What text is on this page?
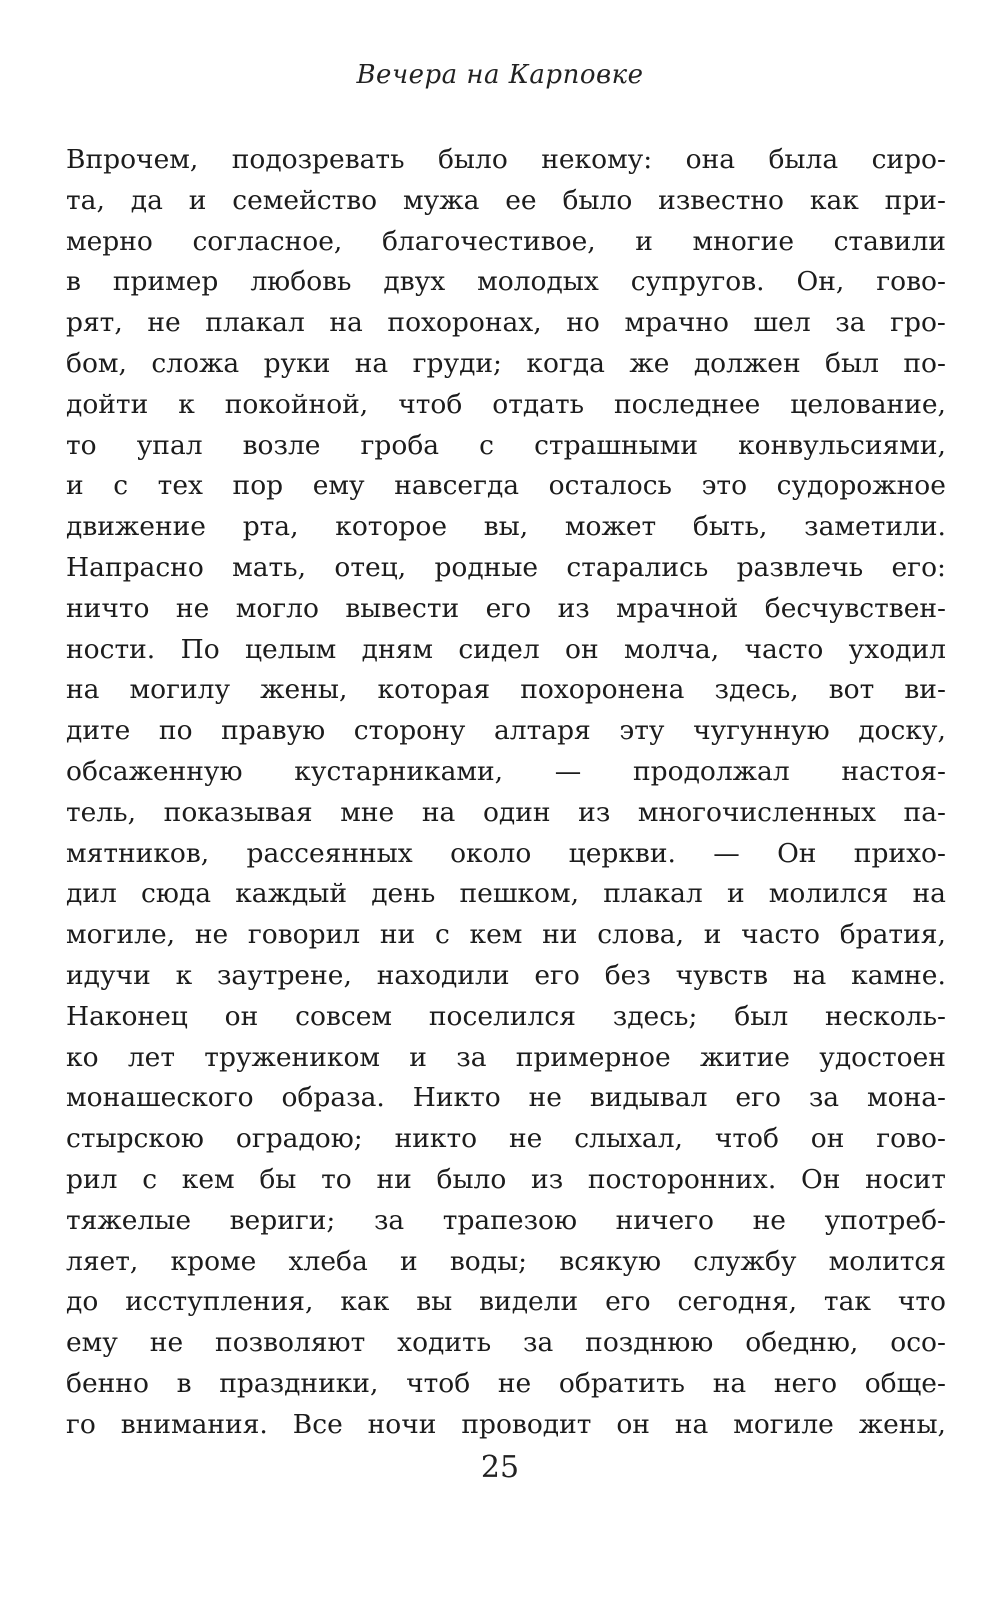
Вечера на Карповке
Впрочем, подозревать было некому: она была сиро-
та, да и семейство мужа ее было известно как при-
мерно согласное, благочестивое, и многие ставили
в пример любовь двух молодых супругов. Он, гово-
рят, не плакал на похоронах, но мрачно шел за гро-
бом, сложа руки на груди; когда же должен был по-
дойти к покойной, чтоб отдать последнее целование,
то упал возле гроба с страшными конвульсиями,
и с тех пор ему навсегда осталось это судорожное
движение рта, которое вы, может быть, заметили.
Напрасно мать, отец, родные старались развлечь его:
ничто не могло вывести его из мрачной бесчувствен-
ности. По целым дням сидел он молча, часто уходил
на могилу жены, которая похоронена здесь, вот ви-
дите по правую сторону алтаря эту чугунную доску,
обсаженную кустарниками, — продолжал настоя-
тель, показывая мне на один из многочисленных па-
мятников, рассеянных около церкви. — Он прихо-
дил сюда каждый день пешком, плакал и молился на
могиле, не говорил ни с кем ни слова, и часто братия,
идучи к заутрене, находили его без чувств на камне.
Наконец он совсем поселился здесь; был несколь-
ко лет тружеником и за примерное житие удостоен
монашеского образа. Никто не видывал его за мона-
стырскою оградою; никто не слыхал, чтоб он гово-
рил с кем бы то ни было из посторонних. Он носит
тяжелые вериги; за трапезою ничего не употреб-
ляет, кроме хлеба и воды; всякую службу молится
до исступления, как вы видели его сегодня, так что
ему не позволяют ходить за позднюю обедню, осо-
бенно в праздники, чтоб не обратить на него обще-
го внимания. Все ночи проводит он на могиле жены,
25
